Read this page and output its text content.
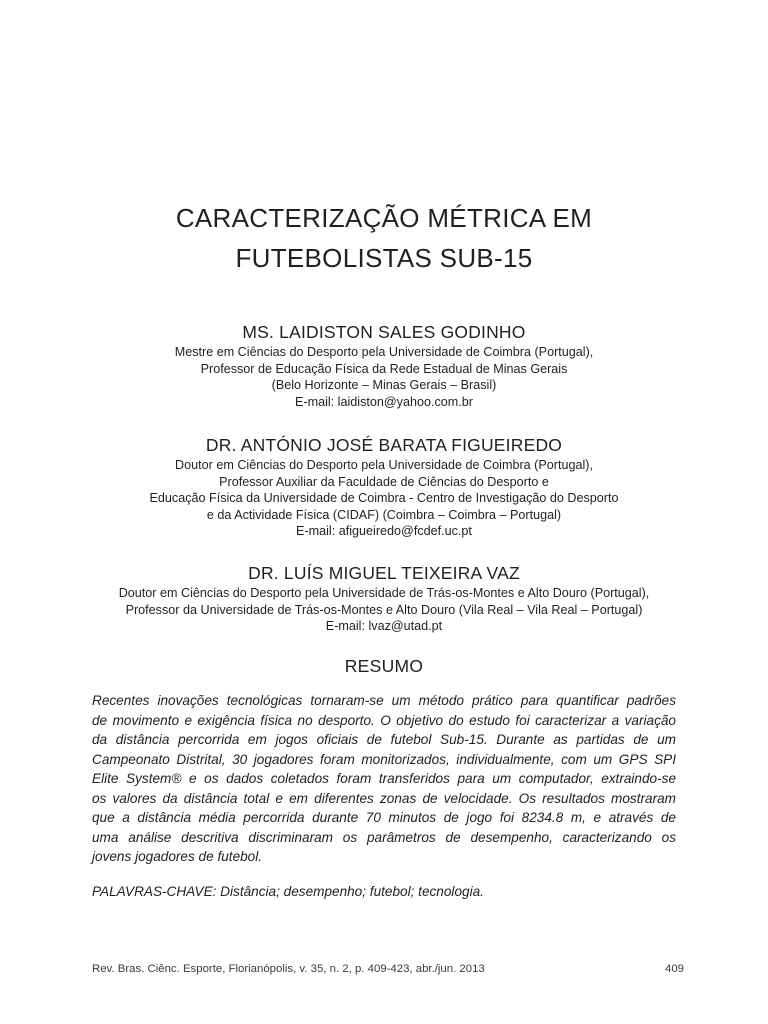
CARACTERIZAÇÃO MÉTRICA EM
FUTEBOLISTAS SUB-15
MS. LAIDISTON SALES GODINHO
Mestre em Ciências do Desporto pela Universidade de Coimbra (Portugal),
Professor de Educação Física da Rede Estadual de Minas Gerais
(Belo Horizonte – Minas Gerais – Brasil)
E-mail: laidiston@yahoo.com.br
DR. ANTÓNIO JOSÉ BARATA FIGUEIREDO
Doutor em Ciências do Desporto pela Universidade de Coimbra (Portugal),
Professor Auxiliar da Faculdade de Ciências do Desporto e
Educação Física da Universidade de Coimbra - Centro de Investigação do Desporto
e da Actividade Física (CIDAF) (Coimbra – Coimbra – Portugal)
E-mail: afigueiredo@fcdef.uc.pt
DR. LUÍS MIGUEL TEIXEIRA VAZ
Doutor em Ciências do Desporto pela Universidade de Trás-os-Montes e Alto Douro (Portugal),
Professor da Universidade de Trás-os-Montes e Alto Douro (Vila Real – Vila Real – Portugal)
E-mail: lvaz@utad.pt
RESUMO

Recentes inovações tecnológicas tornaram-se um método prático para quantificar padrões
de movimento e exigência física no desporto. O objetivo do estudo foi caracterizar a variação
da distância percorrida em jogos oficiais de futebol Sub-15. Durante as partidas de um
Campeonato Distrital, 30 jogadores foram monitorizados, individualmente, com um GPS SPI
Elite System® e os dados coletados foram transferidos para um computador, extraindo-se
os valores da distância total e em diferentes zonas de velocidade. Os resultados mostraram
que a distância média percorrida durante 70 minutos de jogo foi 8234.8 m, e através de
uma análise descritiva discriminaram os parâmetros de desempenho, caracterizando os
jovens jogadores de futebol.

PALAVRAS-CHAVE: Distância; desempenho; futebol; tecnologia.
Rev. Bras. Ciênc. Esporte, Florianópolis, v. 35, n. 2, p. 409-423, abr./jun. 2013	409
